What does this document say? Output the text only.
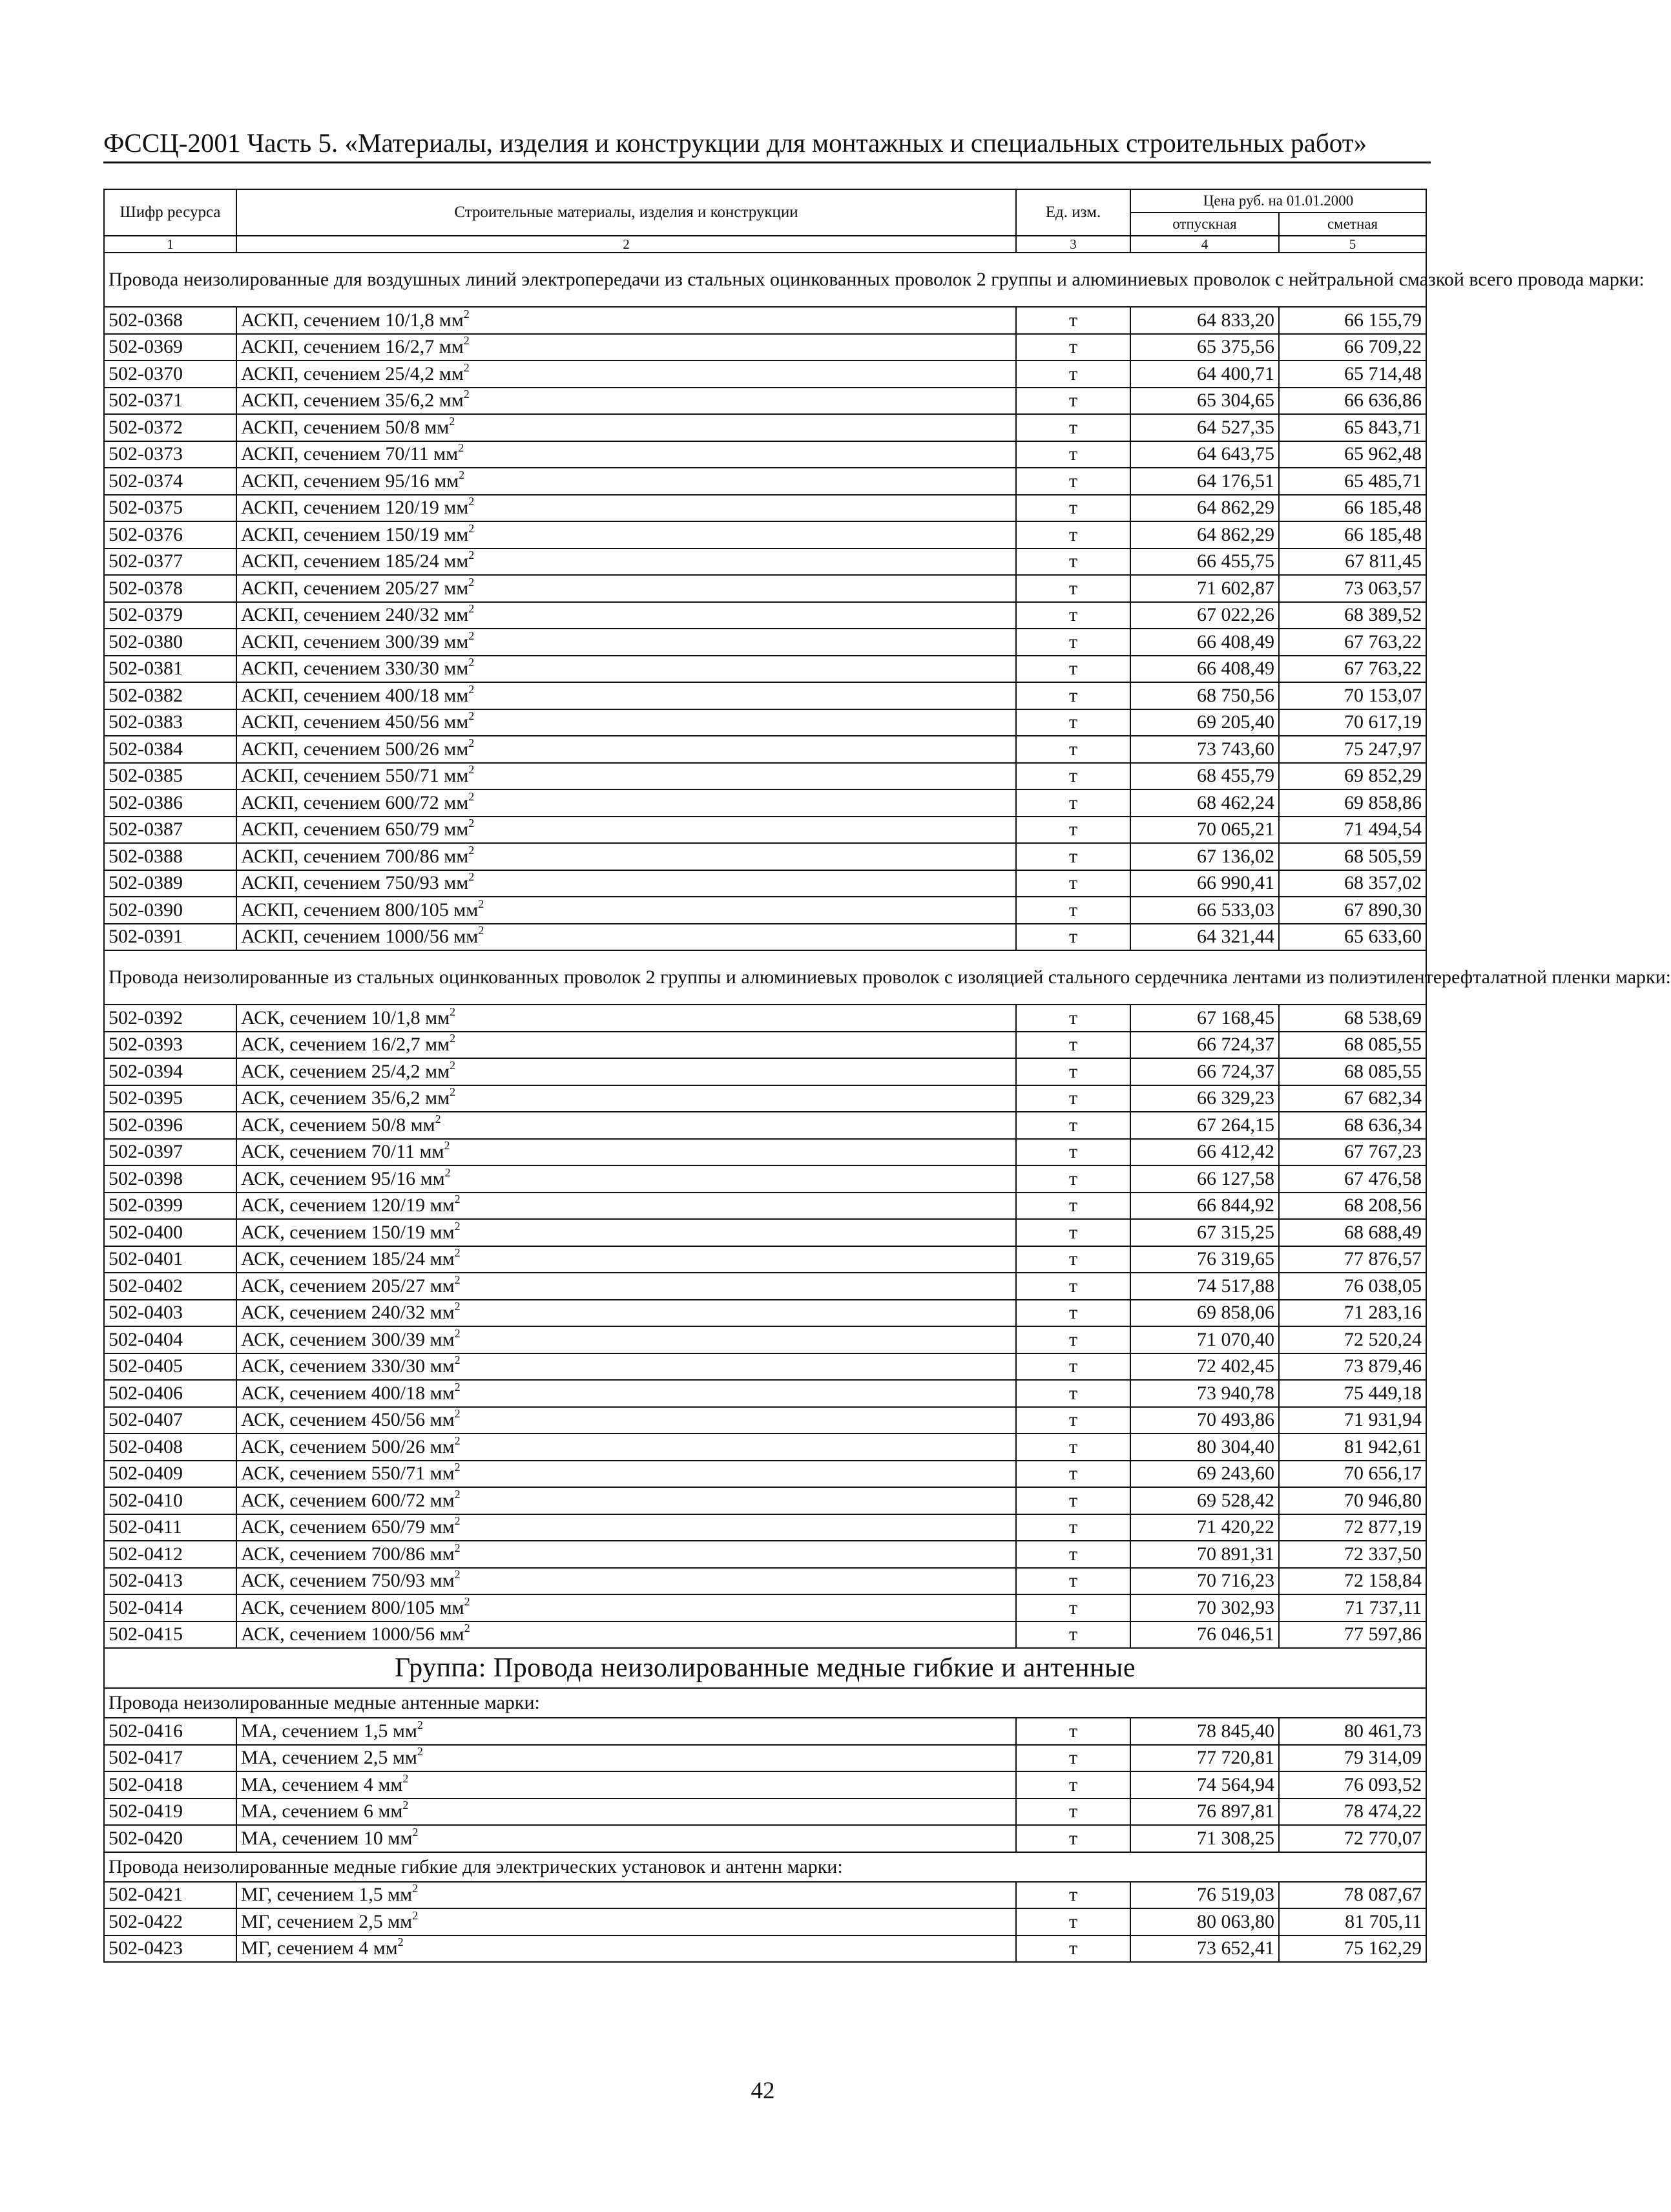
ФССЦ-2001 Часть 5. «Материалы, изделия и конструкции для монтажных и специальных строительных работ»
Шифр ресурса	Строительные материалы, изделия и конструкции	Ед. изм.	Цена руб. на 01.01.2000	
			отпускная	сметная
1	2	3	4	5
Провода неизолированные для воздушных линий электропередачи из стальных оцинкованных проволок 2 группы и алюминиевых проволок с нейтральной смазкой всего провода марки:				
502-0368	АСКП, сечением 10/1,8 $мм^2$	т	64 833,20	66 155,79
502-0369	АСКП, сечением 16/2,7 $мм^2$	т	65 375,56	66 709,22
502-0370	АСКП, сечением 25/4,2 $мм^2$	т	64 400,71	65 714,48
502-0371	АСКП, сечением 35/6,2 $мм^2$	т	65 304,65	66 636,86
502-0372	АСКП, сечением 50/8 $мм^2$	т	64 527,35	65 843,71
502-0373	АСКП, сечением 70/11 $мм^2$	т	64 643,75	65 962,48
502-0374	АСКП, сечением 95/16 $мм^2$	т	64 176,51	65 485,71
502-0375	АСКП, сечением 120/19 $мм^2$	т	64 862,29	66 185,48
502-0376	АСКП, сечением 150/19 $мм^2$	т	64 862,29	66 185,48
502-0377	АСКП, сечением 185/24 $мм^2$	т	66 455,75	67 811,45
502-0378	АСКП, сечением 205/27 $мм^2$	т	71 602,87	73 063,57
502-0379	АСКП, сечением 240/32 $мм^2$	т	67 022,26	68 389,52
502-0380	АСКП, сечением 300/39 $мм^2$	т	66 408,49	67 763,22
502-0381	АСКП, сечением 330/30 $мм^2$	т	66 408,49	67 763,22
502-0382	АСКП, сечением 400/18 $мм^2$	т	68 750,56	70 153,07
502-0383	АСКП, сечением 450/56 $мм^2$	т	69 205,40	70 617,19
502-0384	АСКП, сечением 500/26 $мм^2$	т	73 743,60	75 247,97
502-0385	АСКП, сечением 550/71 $мм^2$	т	68 455,79	69 852,29
502-0386	АСКП, сечением 600/72 $мм^2$	т	68 462,24	69 858,86
502-0387	АСКП, сечением 650/79 $мм^2$	т	70 065,21	71 494,54
502-0388	АСКП, сечением 700/86 $мм^2$	т	67 136,02	68 505,59
502-0389	АСКП, сечением 750/93 $мм^2$	т	66 990,41	68 357,02
502-0390	АСКП, сечением 800/105 $мм^2$	т	66 533,03	67 890,30
502-0391	АСКП, сечением 1000/56 $мм^2$	т	64 321,44	65 633,60
Провода неизолированные из стальных оцинкованных проволок 2 группы и алюминиевых проволок с изоляцией стального сердечника лентами из полиэтилентерефталатной пленки марки:				
502-0392	АСК, сечением 10/1,8 $мм^2$	т	67 168,45	68 538,69
502-0393	АСК, сечением 16/2,7 $мм^2$	т	66 724,37	68 085,55
502-0394	АСК, сечением 25/4,2 $мм^2$	т	66 724,37	68 085,55
502-0395	АСК, сечением 35/6,2 $мм^2$	т	66 329,23	67 682,34
502-0396	АСК, сечением 50/8 $мм^2$	т	67 264,15	68 636,34
502-0397	АСК, сечением 70/11 $мм^2$	т	66 412,42	67 767,23
502-0398	АСК, сечением 95/16 $мм^2$	т	66 127,58	67 476,58
502-0399	АСК, сечением 120/19 $мм^2$	т	66 844,92	68 208,56
502-0400	АСК, сечением 150/19 $мм^2$	т	67 315,25	68 688,49
502-0401	АСК, сечением 185/24 $мм^2$	т	76 319,65	77 876,57
502-0402	АСК, сечением 205/27 $мм^2$	т	74 517,88	76 038,05
502-0403	АСК, сечением 240/32 $мм^2$	т	69 858,06	71 283,16
502-0404	АСК, сечением 300/39 $мм^2$	т	71 070,40	72 520,24
502-0405	АСК, сечением 330/30 $мм^2$	т	72 402,45	73 879,46
502-0406	АСК, сечением 400/18 $мм^2$	т	73 940,78	75 449,18
502-0407	АСК, сечением 450/56 $мм^2$	т	70 493,86	71 931,94
502-0408	АСК, сечением 500/26 $мм^2$	т	80 304,40	81 942,61
502-0409	АСК, сечением 550/71 $мм^2$	т	69 243,60	70 656,17
502-0410	АСК, сечением 600/72 $мм^2$	т	69 528,42	70 946,80
502-0411	АСК, сечением 650/79 $мм^2$	т	71 420,22	72 877,19
502-0412	АСК, сечением 700/86 $мм^2$	т	70 891,31	72 337,50
502-0413	АСК, сечением 750/93 $мм^2$	т	70 716,23	72 158,84
502-0414	АСК, сечением 800/105 $мм^2$	т	70 302,93	71 737,11
502-0415	АСК, сечением 1000/56 $мм^2$	т	76 046,51	77 597,86
Группа: Провода неизолированные медные гибкие и антенные				
Провода неизолированные медные антенные марки:				
502-0416	МА, сечением 1,5 $мм^2$	т	78 845,40	80 461,73
502-0417	МА, сечением 2,5 $мм^2$	т	77 720,81	79 314,09
502-0418	МА, сечением 4 $мм^2$	т	74 564,94	76 093,52
502-0419	МА, сечением 6 $мм^2$	т	76 897,81	78 474,22
502-0420	МА, сечением 10 $мм^2$	т	71 308,25	72 770,07
Провода неизолированные медные гибкие для электрических установок и антенн марки:				
502-0421	МГ, сечением 1,5 $мм^2$	т	76 519,03	78 087,67
502-0422	МГ, сечением 2,5 $мм^2$	т	80 063,80	81 705,11
502-0423	МГ, сечением 4 $мм^2$	т	73 652,41	75 162,29
42
